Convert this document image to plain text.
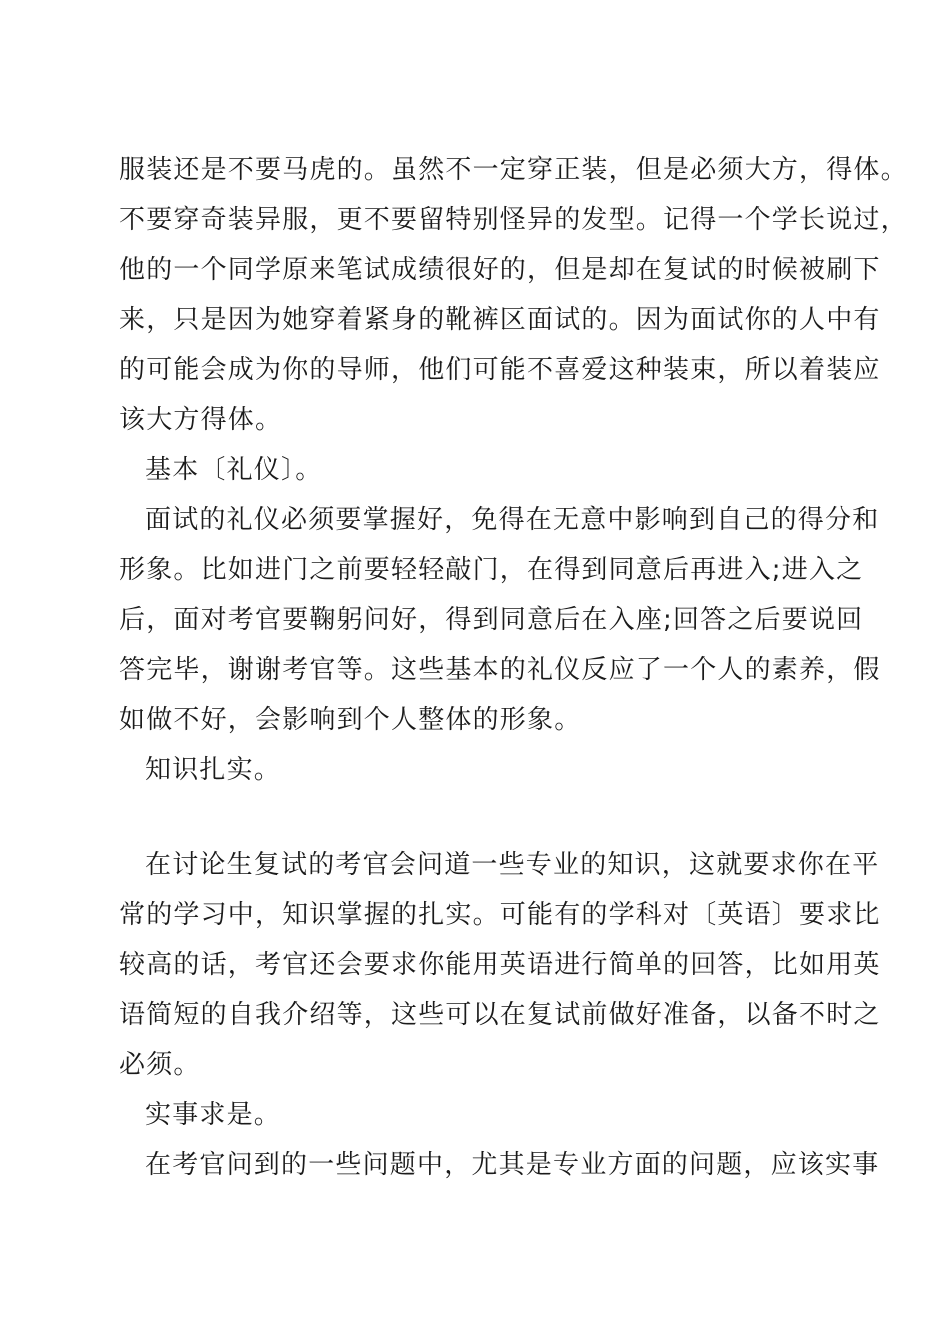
服装还是不要马虎的。虽然不一定穿正装，但是必须大方，得体。
不要穿奇装异服，更不要留特别怪异的发型。记得一个学长说过，
他的一个同学原来笔试成绩很好的，但是却在复试的时候被刷下
来，只是因为她穿着紧身的靴裤区面试的。因为面试你的人中有
的可能会成为你的导师，他们可能不喜爱这种装束，所以着装应
该大方得体。
基本〔礼仪〕。
面试的礼仪必须要掌握好，免得在无意中影响到自己的得分和
形象。比如进门之前要轻轻敲门，在得到同意后再进入;进入之
后，面对考官要鞠躬问好，得到同意后在入座;回答之后要说回
答完毕，谢谢考官等。这些基本的礼仪反应了一个人的素养，假
如做不好，会影响到个人整体的形象。
知识扎实。
在讨论生复试的考官会问道一些专业的知识，这就要求你在平
常的学习中，知识掌握的扎实。可能有的学科对〔英语〕要求比
较高的话，考官还会要求你能用英语进行简单的回答，比如用英
语简短的自我介绍等，这些可以在复试前做好准备，以备不时之
必须。
实事求是。
在考官问到的一些问题中，尤其是专业方面的问题，应该实事
